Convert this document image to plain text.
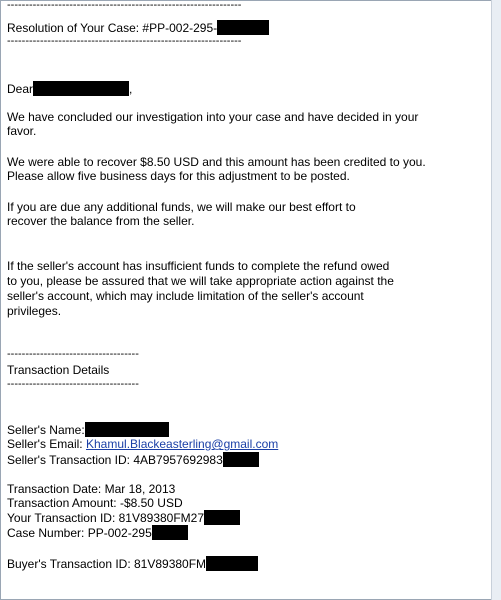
----------------------------------------------------------------
Resolution of Your Case: #PP-002-295-
----------------------------------------------------------------
Dear	,
We have concluded our investigation into your case and have decided in your
favor.
We were able to recover $8.50 USD and this amount has been credited to you.
Please allow five business days for this adjustment to be posted.
If you are due any additional funds, we will make our best effort to
recover the balance from the seller.
If the seller's account has insufficient funds to complete the refund owed
to you, please be assured that we will take appropriate action against the
seller's account, which may include limitation of the seller's account
privileges.
------------------------------------
Transaction Details
------------------------------------
Seller's Name:
Seller's Email: Khamul.Blackeasterling@gmail.com
Seller's Transaction ID: 4AB7957692983
Transaction Date: Mar 18, 2013
Transaction Amount: -$8.50 USD
Your Transaction ID: 81V89380FM27
Case Number: PP-002-295
Buyer's Transaction ID: 81V89380FM
